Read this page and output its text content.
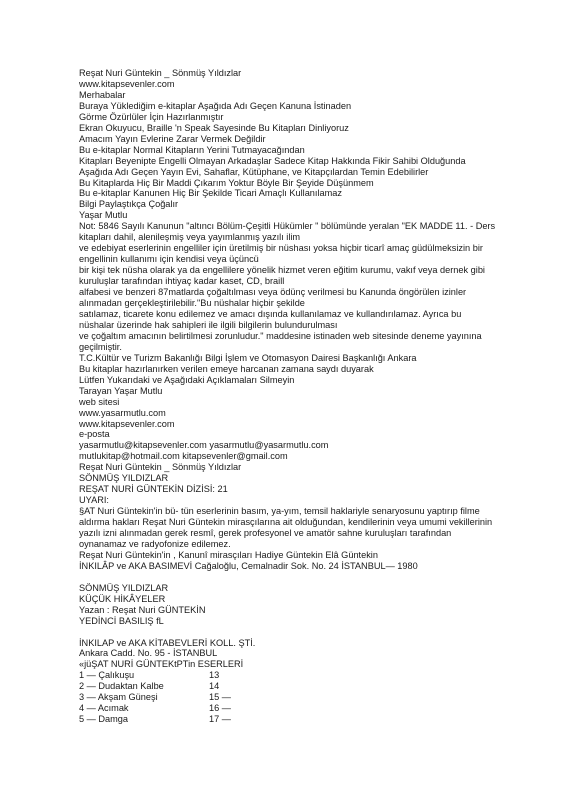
Reşat Nuri Güntekin _ Sönmüş Yıldızlar
www.kitapsevenler.com
Merhabalar
Buraya Yüklediğim e-kitaplar Aşağıda Adı Geçen Kanuna İstinaden
Görme Özürlüler İçin Hazırlanmıştır
Ekran Okuyucu, Braille 'n Speak Sayesinde Bu Kitapları Dinliyoruz
Amacım Yayın Evlerine Zarar Vermek Değildir
Bu e-kitaplar Normal Kitapların Yerini Tutmayacağından
Kitapları Beyenipte Engelli Olmayan Arkadaşlar Sadece Kitap Hakkında Fikir Sahibi Olduğunda
Aşağıda Adı Geçen Yayın Evi, Sahaflar, Kütüphane, ve Kitapçılardan Temin Edebilirler
Bu Kitaplarda Hiç Bir Maddi Çıkarım Yoktur Böyle Bir Şeyide Düşünmem
Bu e-kitaplar Kanunen Hiç Bir Şekilde Ticari Amaçlı Kullanılamaz
Bilgi Paylaştıkça Çoğalır
Yaşar Mutlu
Not: 5846 Sayılı Kanunun "altıncı Bölüm-Çeşitli Hükümler " bölümünde yeralan "EK MADDE 11. - Ders
kitapları dahil, alenileşmiş veya yayımlanmış yazılı ilim
ve edebiyat eserlerinin engelliler için üretilmiş bir nüshası yoksa hiçbir ticarî amaç güdülmeksizin bir
engellinin kullanımı için kendisi veya üçüncü
bir kişi tek nüsha olarak ya da engellilere yönelik hizmet veren eğitim kurumu, vakıf veya dernek gibi
kuruluşlar tarafından ihtiyaç kadar kaset, CD, braill
alfabesi ve benzeri 87matlarda çoğaltılması veya ödünç verilmesi bu Kanunda öngörülen izinler
alınmadan gerçekleştirilebilir."Bu nüshalar hiçbir şekilde
satılamaz, ticarete konu edilemez ve amacı dışında kullanılamaz ve kullandırılamaz. Ayrıca bu
nüshalar üzerinde hak sahipleri ile ilgili bilgilerin bulundurulması
ve çoğaltım amacının belirtilmesi zorunludur." maddesine istinaden web sitesinde deneme yayınına
geçilmiştir.
T.C.Kültür ve Turizm Bakanlığı Bilgi İşlem ve Otomasyon Dairesi Başkanlığı Ankara
Bu kitaplar hazırlanırken verilen emeye harcanan zamana saydı duyarak
Lütfen Yukarıdaki ve Aşağıdaki Açıklamaları Silmeyin
Tarayan Yaşar Mutlu
web sitesi
www.yasarmutlu.com
www.kitapsevenler.com
e-posta
yasarmutlu@kitapsevenler.com yasarmutlu@yasarmutlu.com
mutlukitap@hotmail.com kitapsevenler@gmail.com
Reşat Nuri Güntekin _ Sönmüş Yıldızlar
SÖNMÜŞ YILDIZLAR
REŞAT NURİ GÜNTEKİN DİZİSİ: 21
UYARI:
§AT Nuri Güntekin'in bü- tün eserlerinin basım, ya-yım, temsil haklariyle senaryosunu yaptırıp filme
aldırma hakları Reşat Nuri Güntekin mirasçılarına ait olduğundan, kendilerinin veya umumi vekillerinin
yazılı izni alınmadan gerek resmî, gerek profesyonel ve amatör sahne kuruluşları tarafından
oynanamaz ve radyofonize edilemez.
Reşat Nuri Güntekin'in , Kanunî mirasçıları Hadiye Güntekin Elâ Güntekin
İNKILÂP ve AKA BASIMEVİ Cağaloğlu, Cemalnadir Sok. No. 24 İSTANBUL— 1980
SÖNMÜŞ YILDIZLAR
KÜÇÜK HİKÂYELER
Yazan : Reşat Nuri GÜNTEKİN
YEDİNCİ BASILIŞ fL
İNKILAP ve AKA KİTABEVLERİ KOLL. ŞTİ.
Ankara Cadd. No. 95 - İSTANBUL
«jüŞAT NURİ GÜNTEKtPTin ESERLERİ
1 — Çalıkuşu	13
2 — Dudaktan Kalbe	14
3 — Akşam Güneşi	15 —
4 — Acımak	16 —
5 — Damga	17 —
